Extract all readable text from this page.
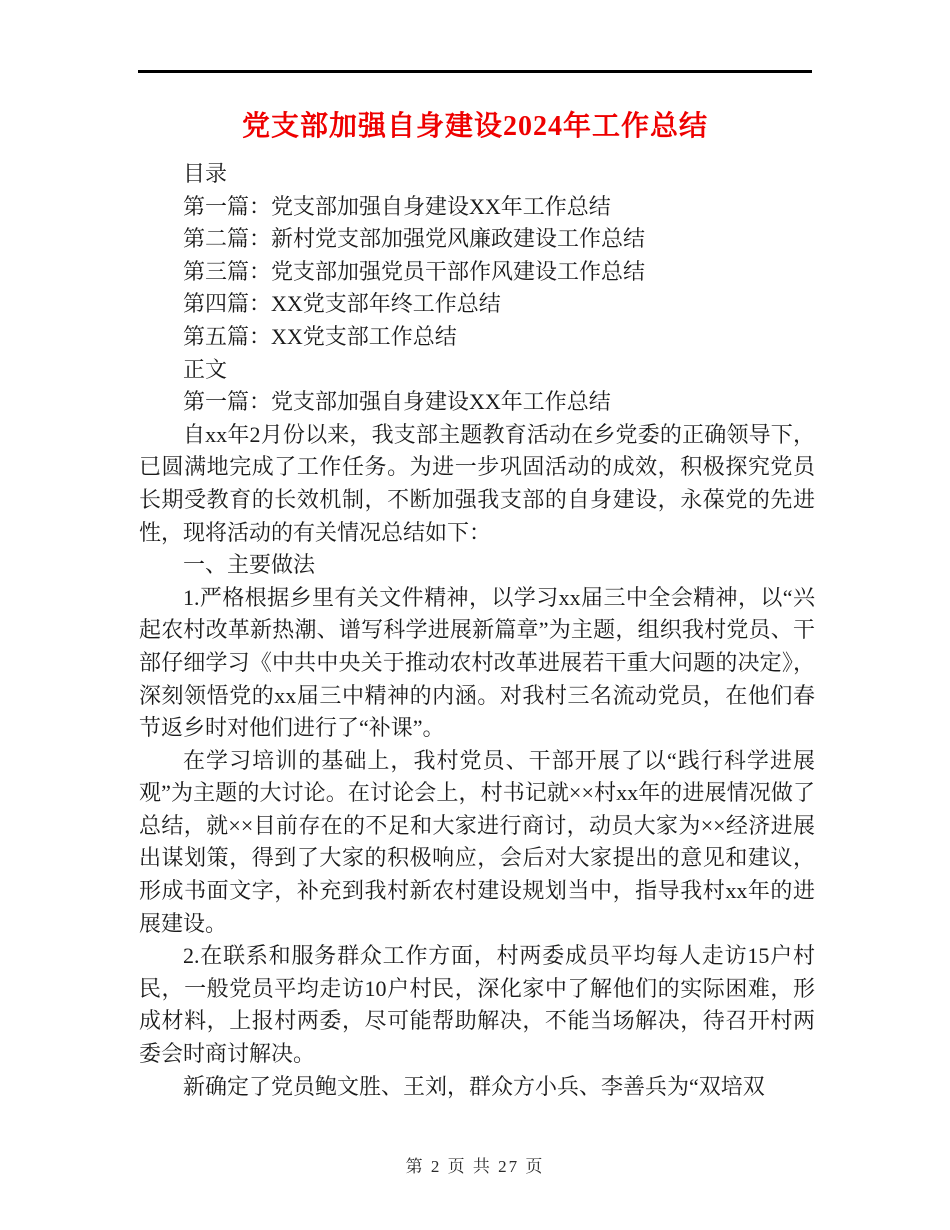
党支部加强自身建设2024年工作总结

目录

第一篇：党支部加强自身建设XX年工作总结

第二篇：新村党支部加强党风廉政建设工作总结

第三篇：党支部加强党员干部作风建设工作总结

第四篇：XX党支部年终工作总结

第五篇：XX党支部工作总结

正文

第一篇：党支部加强自身建设XX年工作总结

自xx年2月份以来，我支部主题教育活动在乡党委的正确领导下，已圆满地完成了工作任务。为进一步巩固活动的成效，积极探究党员长期受教育的长效机制，不断加强我支部的自身建设，永葆党的先进性，现将活动的有关情况总结如下：

一、主要做法

1.严格根据乡里有关文件精神，以学习xx届三中全会精神，以“兴起农村改革新热潮、谱写科学进展新篇章”为主题，组织我村党员、干部仔细学习《中共中央关于推动农村改革进展若干重大问题的决定》，深刻领悟党的xx届三中精神的内涵。对我村三名流动党员，在他们春节返乡时对他们进行了“补课”。

在学习培训的基础上，我村党员、干部开展了以“践行科学进展观”为主题的大讨论。在讨论会上，村书记就××村xx年的进展情况做了总结，就××目前存在的不足和大家进行商讨，动员大家为××经济进展出谋划策，得到了大家的积极响应，会后对大家提出的意见和建议，形成书面文字，补充到我村新农村建设规划当中，指导我村xx年的进展建设。

2.在联系和服务群众工作方面，村两委成员平均每人走访15户村民，一般党员平均走访10户村民，深化家中了解他们的实际困难，形成材料，上报村两委，尽可能帮助解决，不能当场解决，待召开村两委会时商讨解决。

新确定了党员鲍文胜、王刘，群众方小兵、李善兵为“双培双

第 2 页 共 27 页
